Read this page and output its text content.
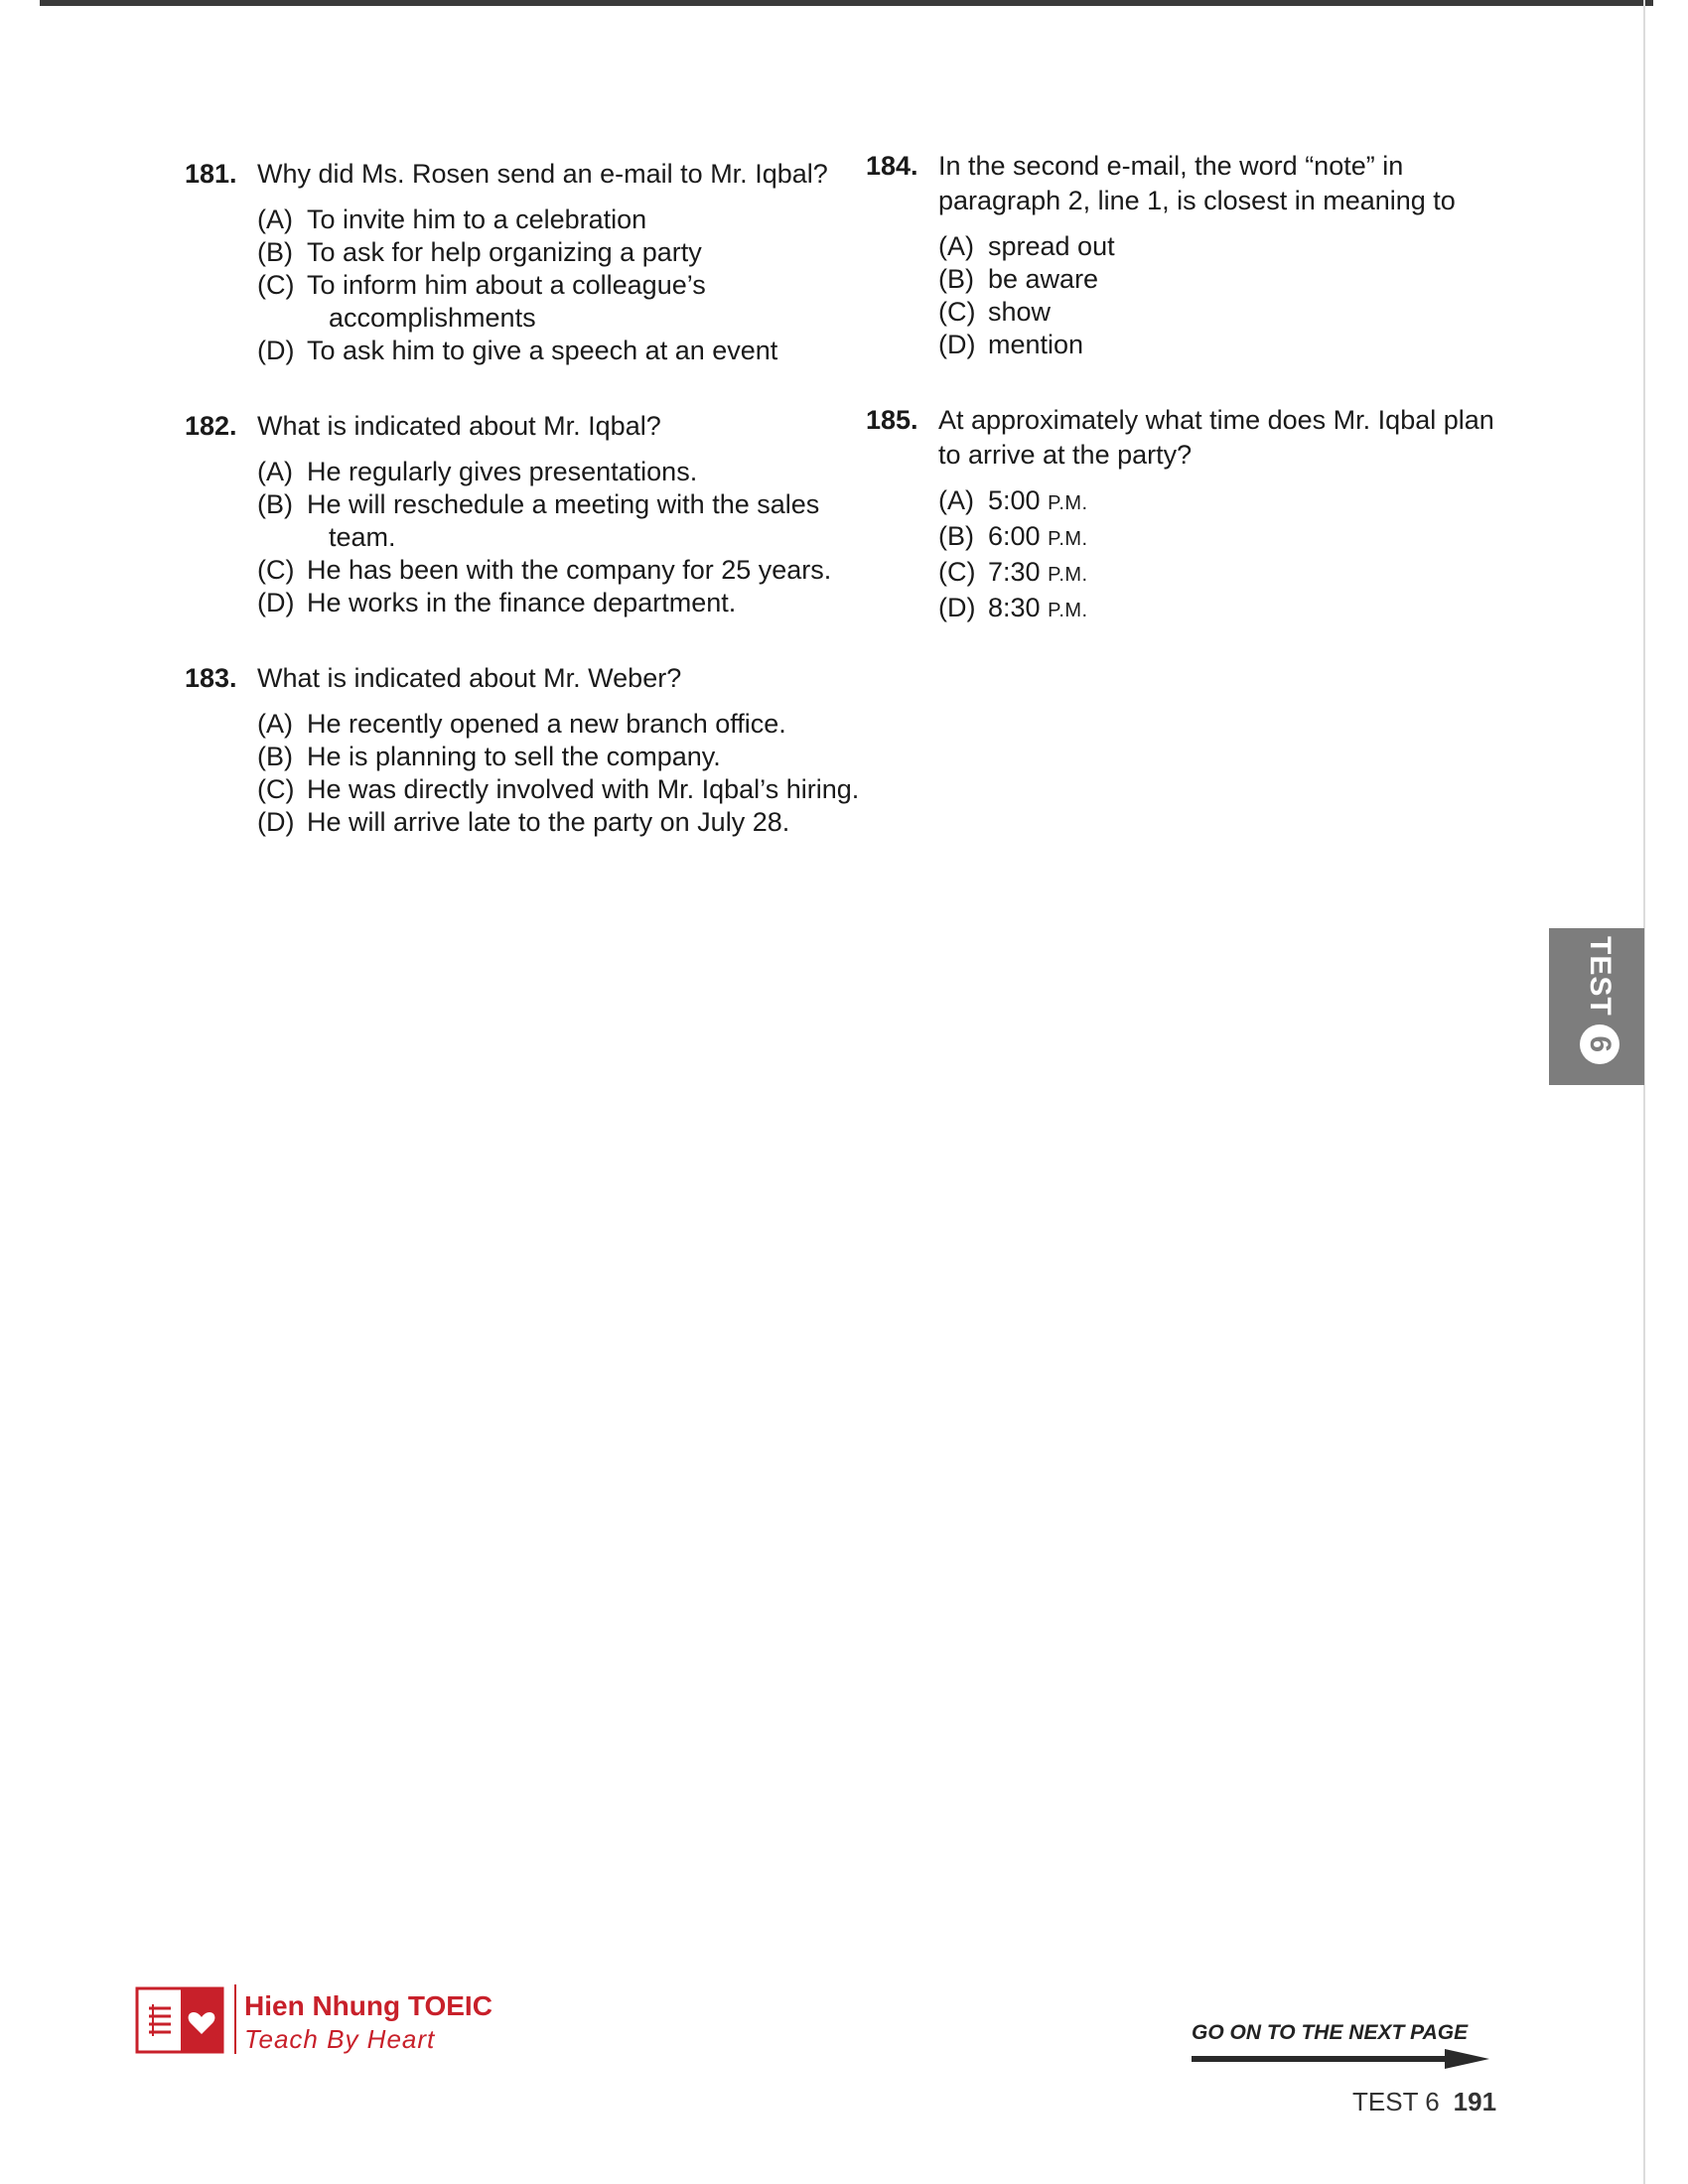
181. Why did Ms. Rosen send an e-mail to Mr. Iqbal?
(A) To invite him to a celebration
(B) To ask for help organizing a party
(C) To inform him about a colleague’s accomplishments
(D) To ask him to give a speech at an event
182. What is indicated about Mr. Iqbal?
(A) He regularly gives presentations.
(B) He will reschedule a meeting with the sales team.
(C) He has been with the company for 25 years.
(D) He works in the finance department.
183. What is indicated about Mr. Weber?
(A) He recently opened a new branch office.
(B) He is planning to sell the company.
(C) He was directly involved with Mr. Iqbal’s hiring.
(D) He will arrive late to the party on July 28.
184. In the second e-mail, the word “note” in paragraph 2, line 1, is closest in meaning to
(A) spread out
(B) be aware
(C) show
(D) mention
185. At approximately what time does Mr. Iqbal plan to arrive at the party?
(A) 5:00 P.M.
(B) 6:00 P.M.
(C) 7:30 P.M.
(D) 8:30 P.M.
TEST
6
Hien Nhung TOEIC
Teach By Heart	GO ON TO THE NEXT PAGE
TEST 6 191
